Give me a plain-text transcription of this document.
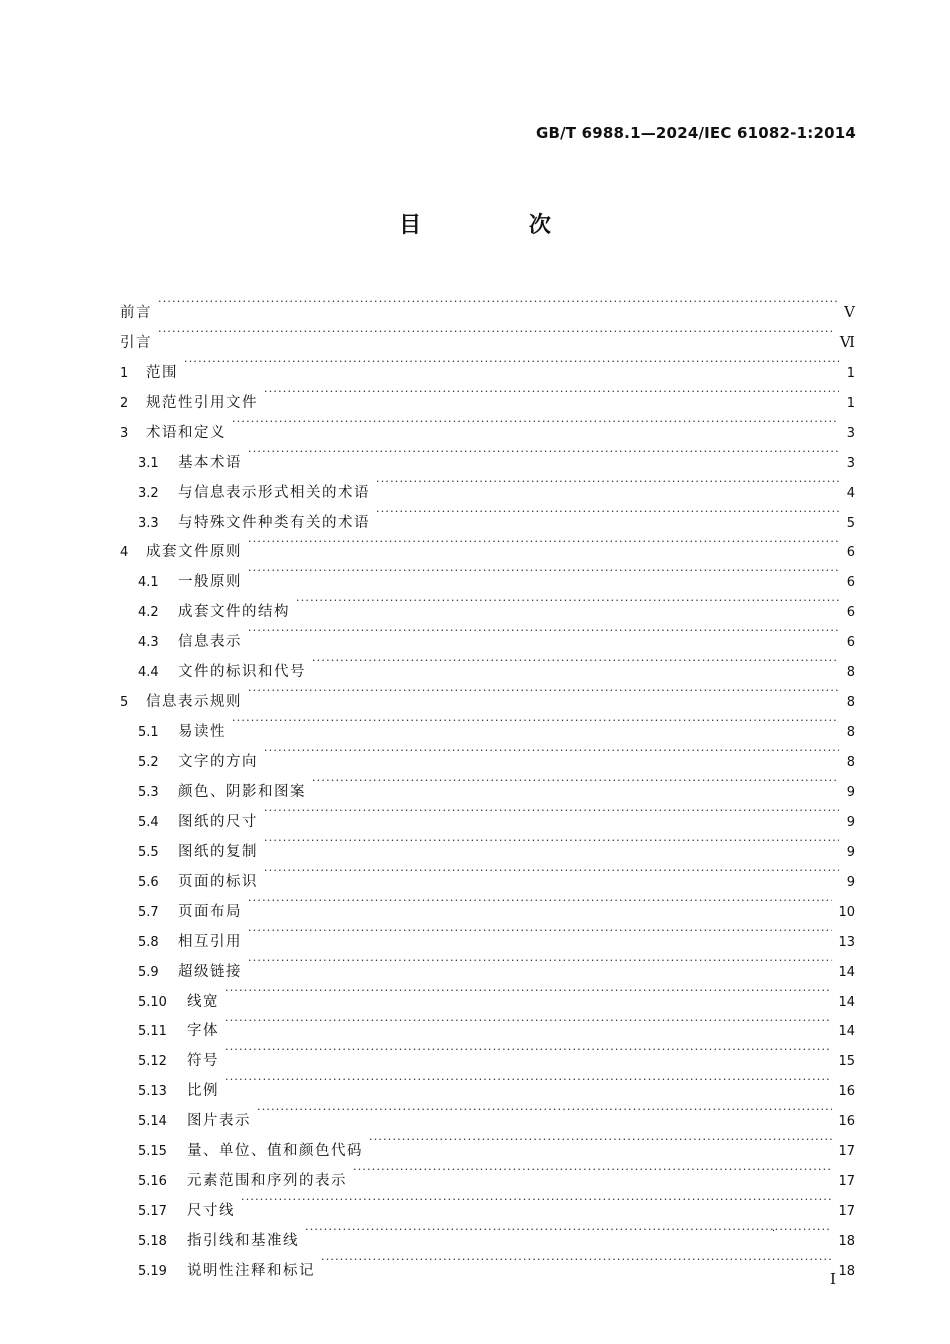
GB/T 6988.1—2024/IEC 61082-1:2014
目 次
前言 ·····	Ⅴ
引言 ·····	Ⅵ
1	范围 ·····	1
2	规范性引用文件 ·····	1
3	术语和定义 ·····	3
3.1	基本术语 ·····	3
3.2	与信息表示形式相关的术语 ·····	4
3.3	与特殊文件种类有关的术语 ·····	5
4	成套文件原则 ·····	6
4.1	一般原则 ·····	6
4.2	成套文件的结构 ·····	6
4.3	信息表示 ·····	6
4.4	文件的标识和代号 ·····	8
5	信息表示规则 ·····	8
5.1	易读性 ·····	8
5.2	文字的方向 ·····	8
5.3	颜色、阴影和图案 ·····	9
5.4	图纸的尺寸 ·····	9
5.5	图纸的复制 ·····	9
5.6	页面的标识 ·····	9
5.7	页面布局 ·····	10
5.8	相互引用 ·····	13
5.9	超级链接 ·····	14
5.10	线宽 ·····	14
5.11	字体 ·····	14
5.12	符号 ·····	15
5.13	比例 ·····	16
5.14	图片表示 ·····	16
5.15	量、单位、值和颜色代码 ·····	17
5.16	元素范围和序列的表示 ·····	17
5.17	尺寸线 ·····	17
5.18	指引线和基准线 ·····	18
5.19	说明性注释和标记 ·····	18
Ⅰ
·
